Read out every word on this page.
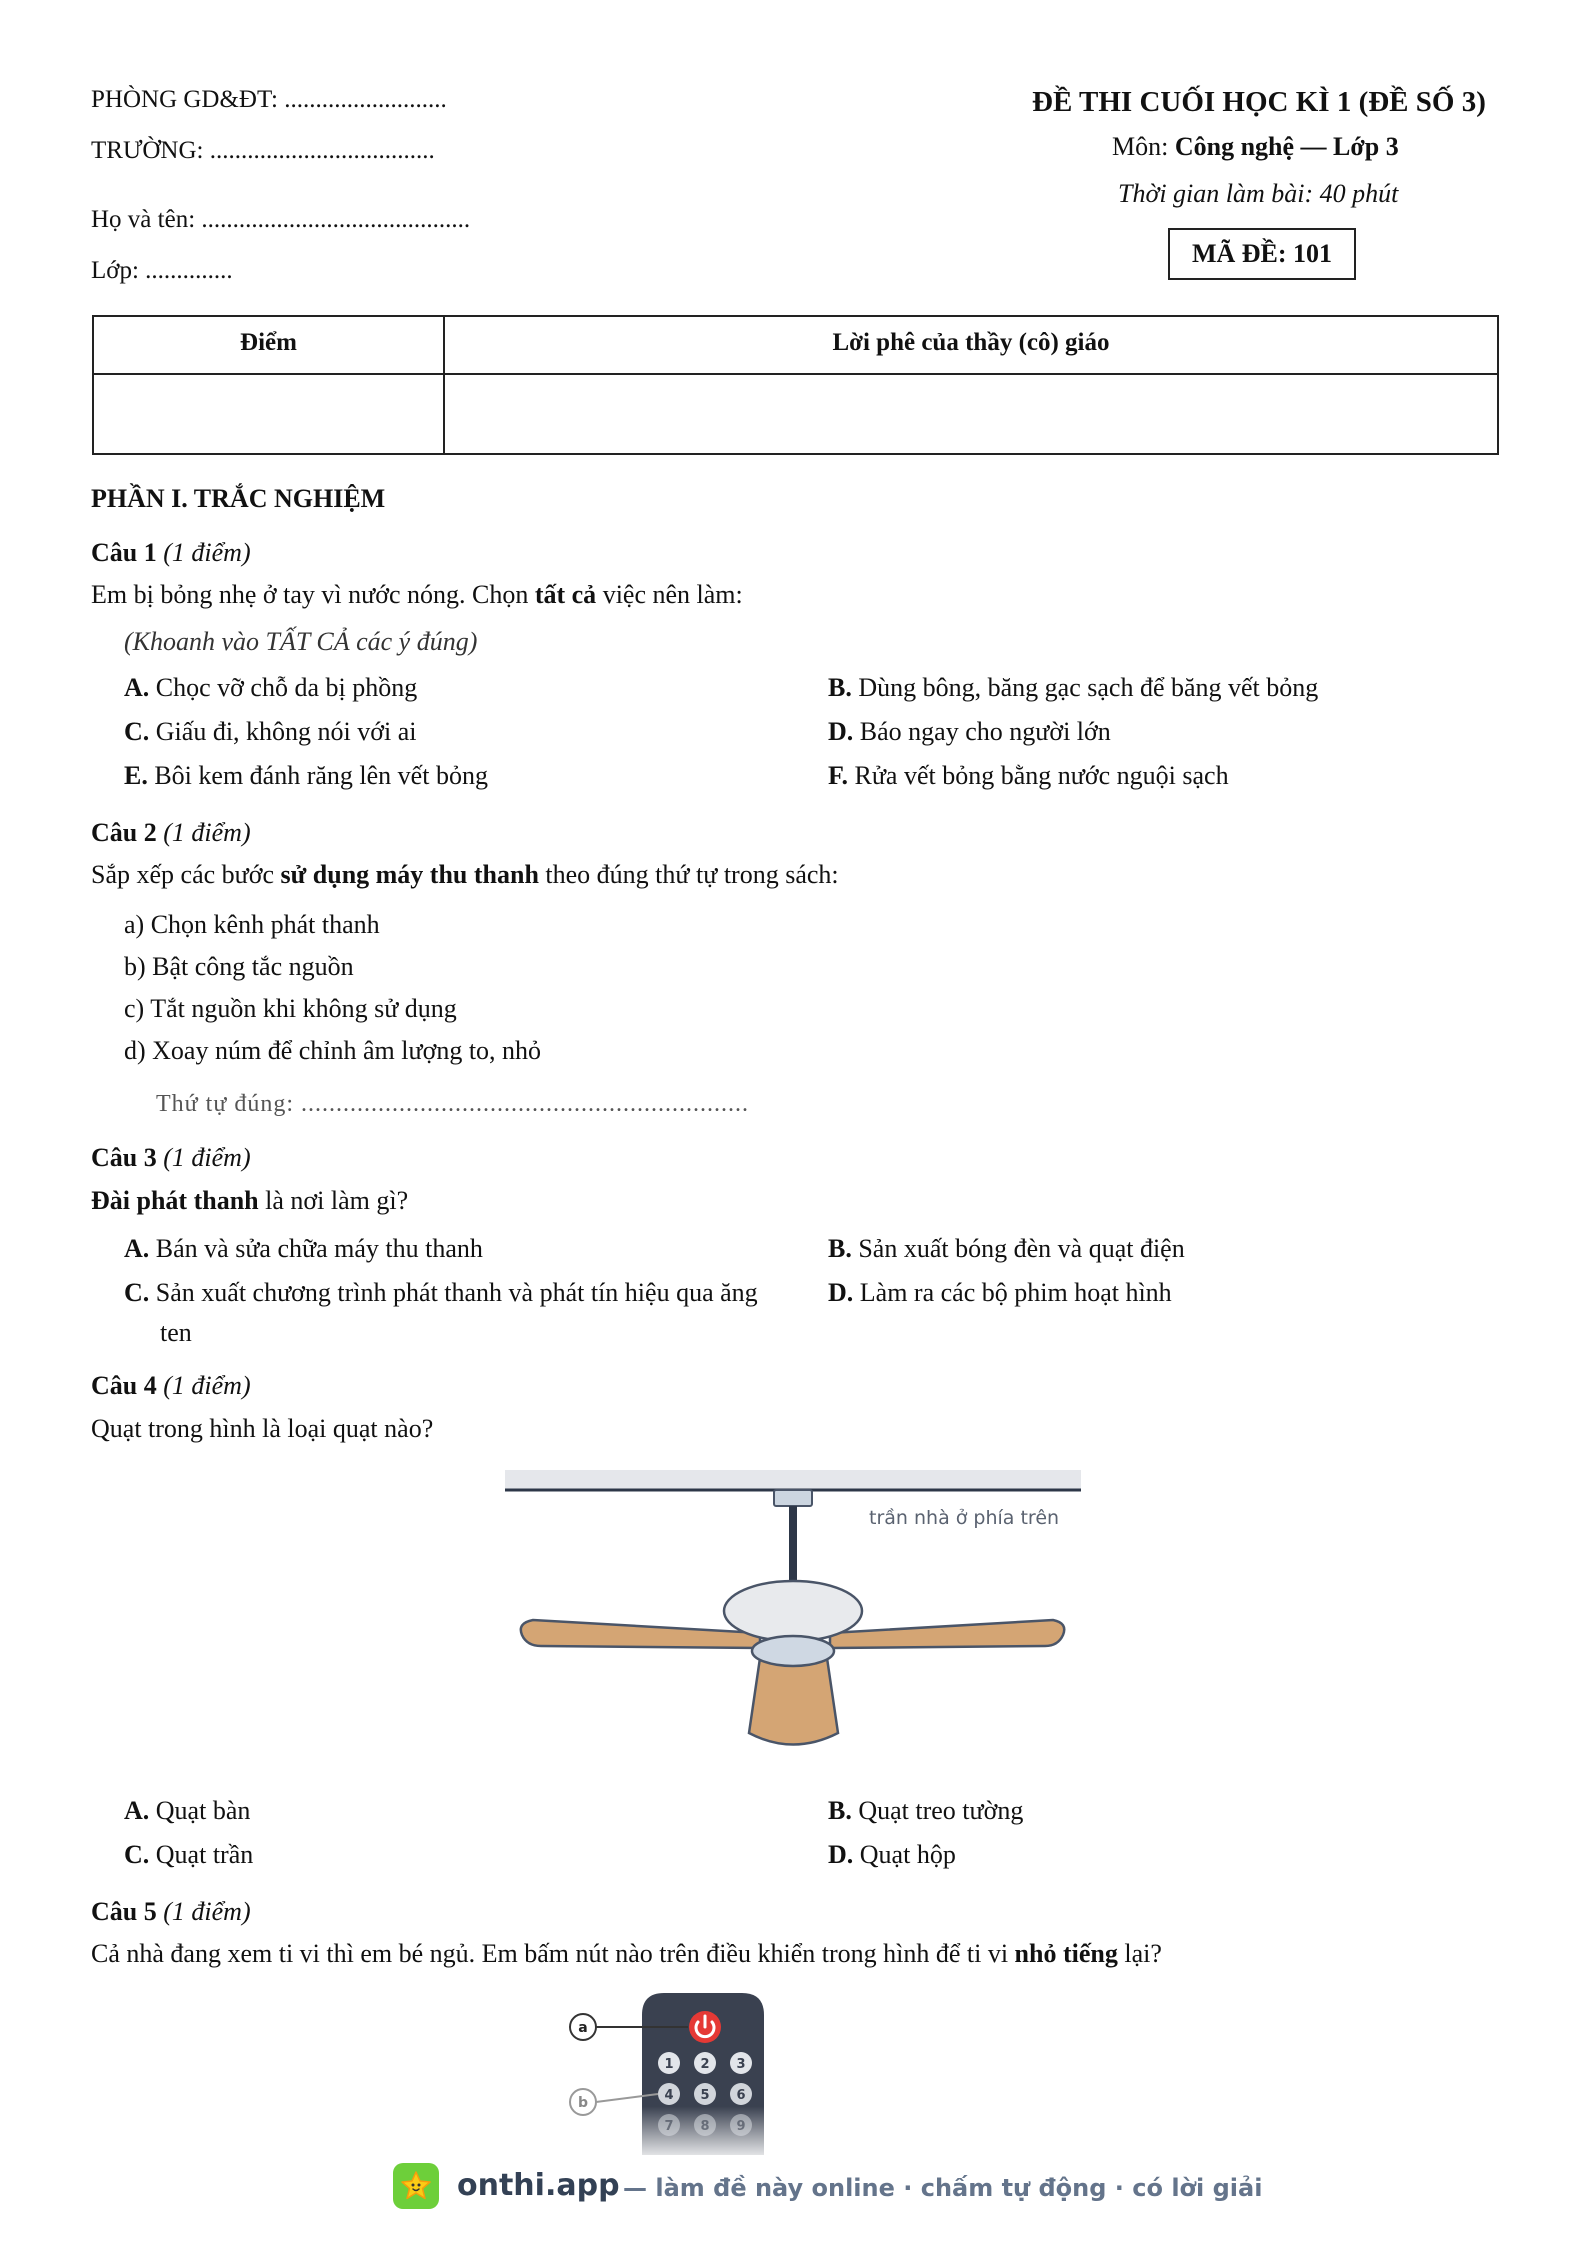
PHÒNG GD&ĐT: ..........................
TRƯỜNG: ....................................
Họ và tên: ...........................................
Lớp: ..............
ĐỀ THI CUỐI HỌC KÌ 1 (ĐỀ SỐ 3)
Môn: Công nghệ — Lớp 3
Thời gian làm bài: 40 phút
MÃ ĐỀ: 101
Điểm	Lời phê của thầy (cô) giáo
PHẦN I. TRẮC NGHIỆM
Câu 1 (1 điểm)
Em bị bỏng nhẹ ở tay vì nước nóng. Chọn tất cả việc nên làm:
(Khoanh vào TẤT CẢ các ý đúng)
A. Chọc vỡ chỗ da bị phồng	B. Dùng bông, băng gạc sạch để băng vết bỏng
C. Giấu đi, không nói với ai	D. Báo ngay cho người lớn
E. Bôi kem đánh răng lên vết bỏng	F. Rửa vết bỏng bằng nước nguội sạch
Câu 2 (1 điểm)
Sắp xếp các bước sử dụng máy thu thanh theo đúng thứ tự trong sách:
a) Chọn kênh phát thanh
b) Bật công tắc nguồn
c) Tắt nguồn khi không sử dụng
d) Xoay núm để chỉnh âm lượng to, nhỏ
Thứ tự đúng: ................................................................
Câu 3 (1 điểm)
Đài phát thanh là nơi làm gì?
A. Bán và sửa chữa máy thu thanh	B. Sản xuất bóng đèn và quạt điện
C. Sản xuất chương trình phát thanh và phát tín hiệu qua ăng
ten
D. Làm ra các bộ phim hoạt hình
Câu 4 (1 điểm)
Quạt trong hình là loại quạt nào?
trần nhà ở phía trên
A. Quạt bàn	B. Quạt treo tường
C. Quạt trần	D. Quạt hộp
Câu 5 (1 điểm)
Cả nhà đang xem ti vi thì em bé ngủ. Em bấm nút nào trên điều khiển trong hình để ti vi nhỏ tiếng lại?
1 2 3
4 5 6
7 8 9
a
b
onthi.app — làm đề này online · chấm tự động · có lời giải
